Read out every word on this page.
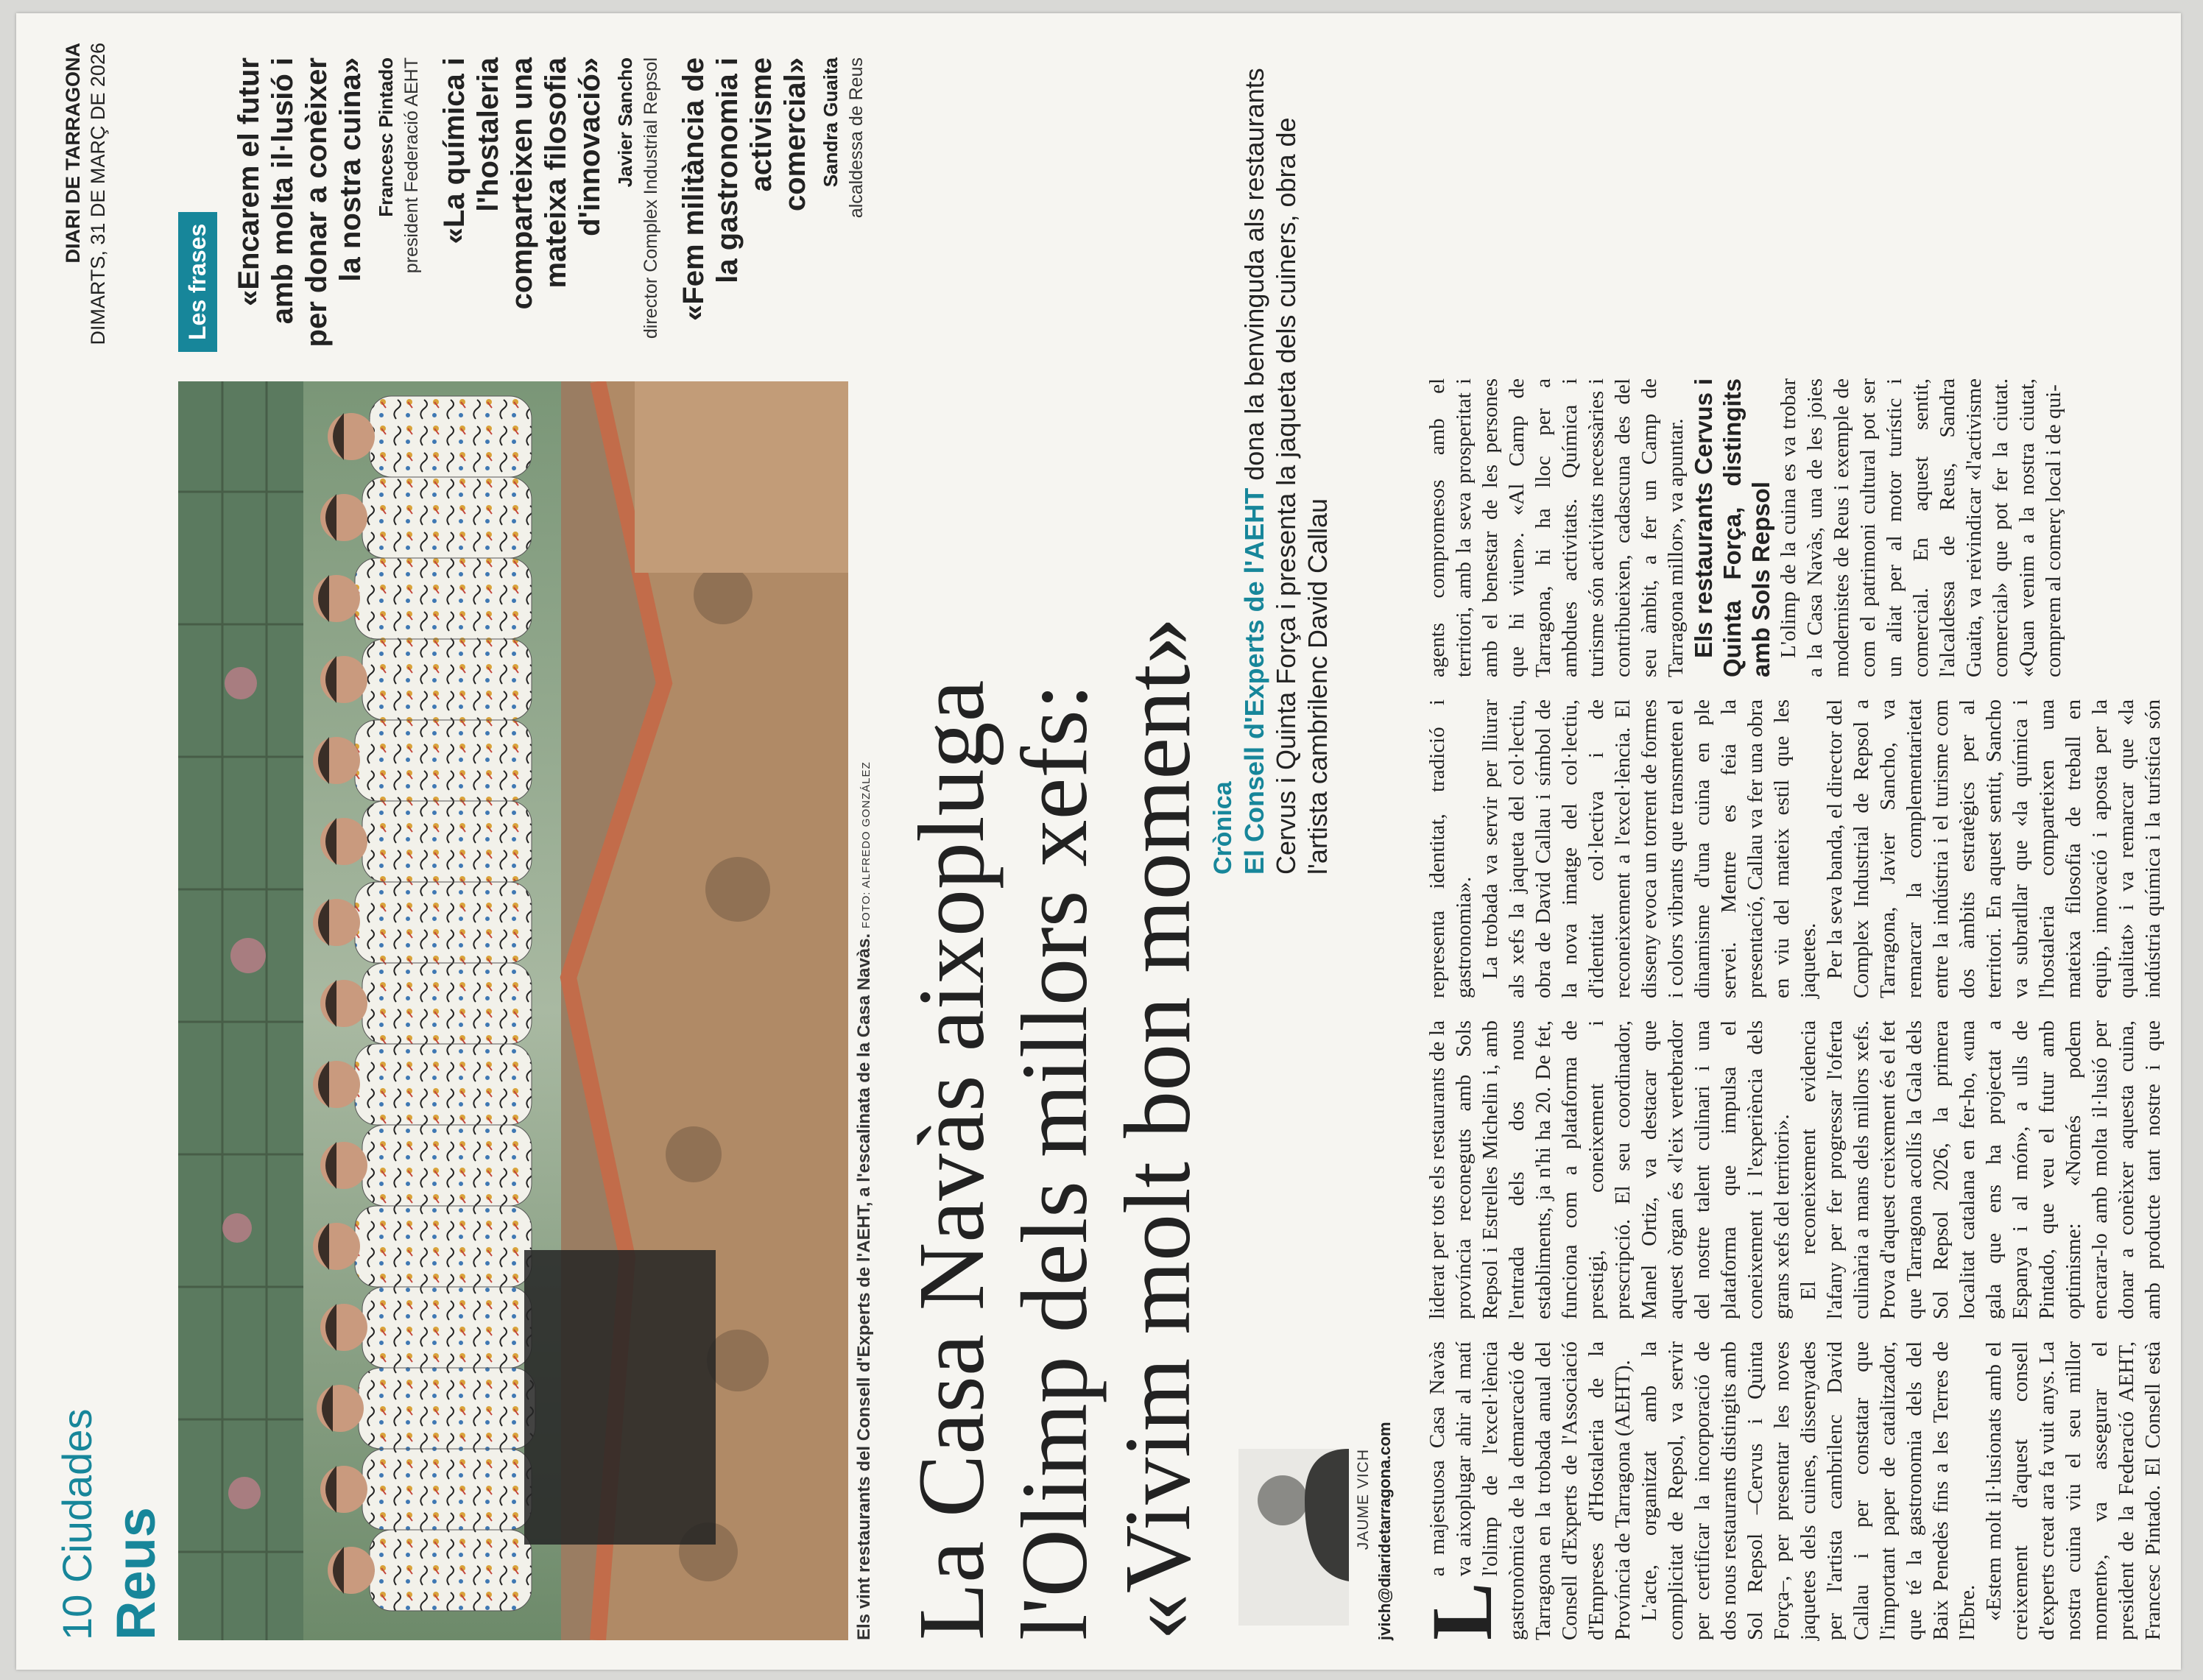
10 Ciudades Reus
DIARI DE TARRAGONA DIMARTS, 31 DE MARÇ DE 2026
Els vint restaurants del Consell d'Experts de l'AEHT, a l'escalinata de la Casa Navàs. FOTO: ALFREDO GONZÁLEZ
Les frases «Encarem el futur amb molta il·lusió i per donar a conèixer la nostra cuina» Francesc Pintado president Federació AEHT «La química i l'hostaleria comparteixen una mateixa filosofia d'innovació» Javier Sancho director Complex Industrial Repsol «Fem militància de la gastronomia i activisme comercial» Sandra Guaita alcaldessa de Reus
La Casa Navàs aixopluga
l'Olimp dels millors xefs:
«Vivim molt bon moment» Crònica El Consell d'Experts de l'AEHT dona la benvinguda als restaurants Cervus i Quinta Força i presenta la jaqueta dels cuiners, obra de l'artista cambrilenc David Callau
JAUME VICH jvich@diaridetarragona.com L
a majestuosa Casa Navàs va aixoplugar ahir al matí l'olimp de l'excel·lència gastronòmica de la demarcació de Tarragona en la trobada anual del Consell d'Experts de l'Associació d'Empreses d'Hostaleria de la Província de Tarragona (AEHT). L'acte, organitzat amb la complicitat de Repsol, va servir per certificar la incorporació de dos nous restaurants distingits amb Sol Repsol –Cervus i Quinta Força–, per presentar les noves jaquetes dels cuines, dissenyades per l'artista cambrilenc David Callau i per constatar que l'important paper de catalitzador, que té la gastronomia dels del Baix Penedès fins a les Terres de l'Ebre. «Estem molt il·lusionats amb el creixement d'aquest consell d'experts creat ara fa vuit anys. La nostra cuina viu el seu millor moment», va assegurar el president de la Federació AEHT, Francesc Pintado. El Consell està liderat per tots els restaurants de la província reconeguts amb Sols Repsol i Estrelles Michelin i, amb l'entrada dels dos nous establiments, ja n'hi ha 20. De fet, funciona com a plataforma de prestigi, coneixement i prescripció. El seu coordinador, Manel Ortiz, va destacar que aquest òrgan és «l'eix vertebrador del nostre talent culinari i una plataforma que impulsa el coneixement i l'experiència dels grans xefs del territori». El reconeixement evidencia l'afany per fer progressar l'oferta culinària a mans dels millors xefs. Prova d'aquest creixement és el fet que Tarragona acollís la Gala dels Sol Repsol 2026, la primera localitat catalana en fer-ho, «una gala que ens ha projectat a Espanya i al món», a ulls de Pintado, que veu el futur amb optimisme: «Només podem encarar-lo amb molta il·lusió per donar a conèixer aquesta cuina, amb producte tant nostre i que representa identitat, tradició i gastronomia». La trobada va servir per lliurar als xefs la jaqueta del col·lectiu, obra de David Callau i símbol de la nova imatge del col·lectiu, d'identitat col·lectiva i de reconeixement a l'excel·lència. El disseny evoca un torrent de formes i colors vibrants que transmeten el dinamisme d'una cuina en ple servei. Mentre es feia la presentació, Callau va fer una obra en viu del mateix estil que les jaquetes. Per la seva banda, el director del Complex Industrial de Repsol a Tarragona, Javier Sancho, va remarcar la complementarietat entre la indústria i el turisme com dos àmbits estratègics per al territori. En aquest sentit, Sancho va subratllar que «la química i l'hostaleria comparteixen una mateixa filosofia de treball en equip, innovació i aposta per la qualitat» i va remarcar que «la indústria química i la turística són agents compromesos amb el territori, amb la seva prosperitat i amb el benestar de les persones que hi viuen». «Al Camp de Tarragona, hi ha lloc per a ambdues activitats. Química i turisme són activitats necessàries i contribueixen, cadascuna des del seu àmbit, a fer un Camp de Tarragona millor», va apuntar. Els restaurants Cervus i Quinta Força, distingits amb Sols Repsol L'olimp de la cuina es va trobar a la Casa Navàs, una de les joies modernistes de Reus i exemple de com el patrimoni cultural pot ser un aliat per al motor turístic i comercial. En aquest sentit, l'alcaldessa de Reus, Sandra Guaita, va reivindicar «l'activisme comercial» que pot fer la ciutat. «Quan venim a la nostra ciutat, comprem al comerç local i de qui-
